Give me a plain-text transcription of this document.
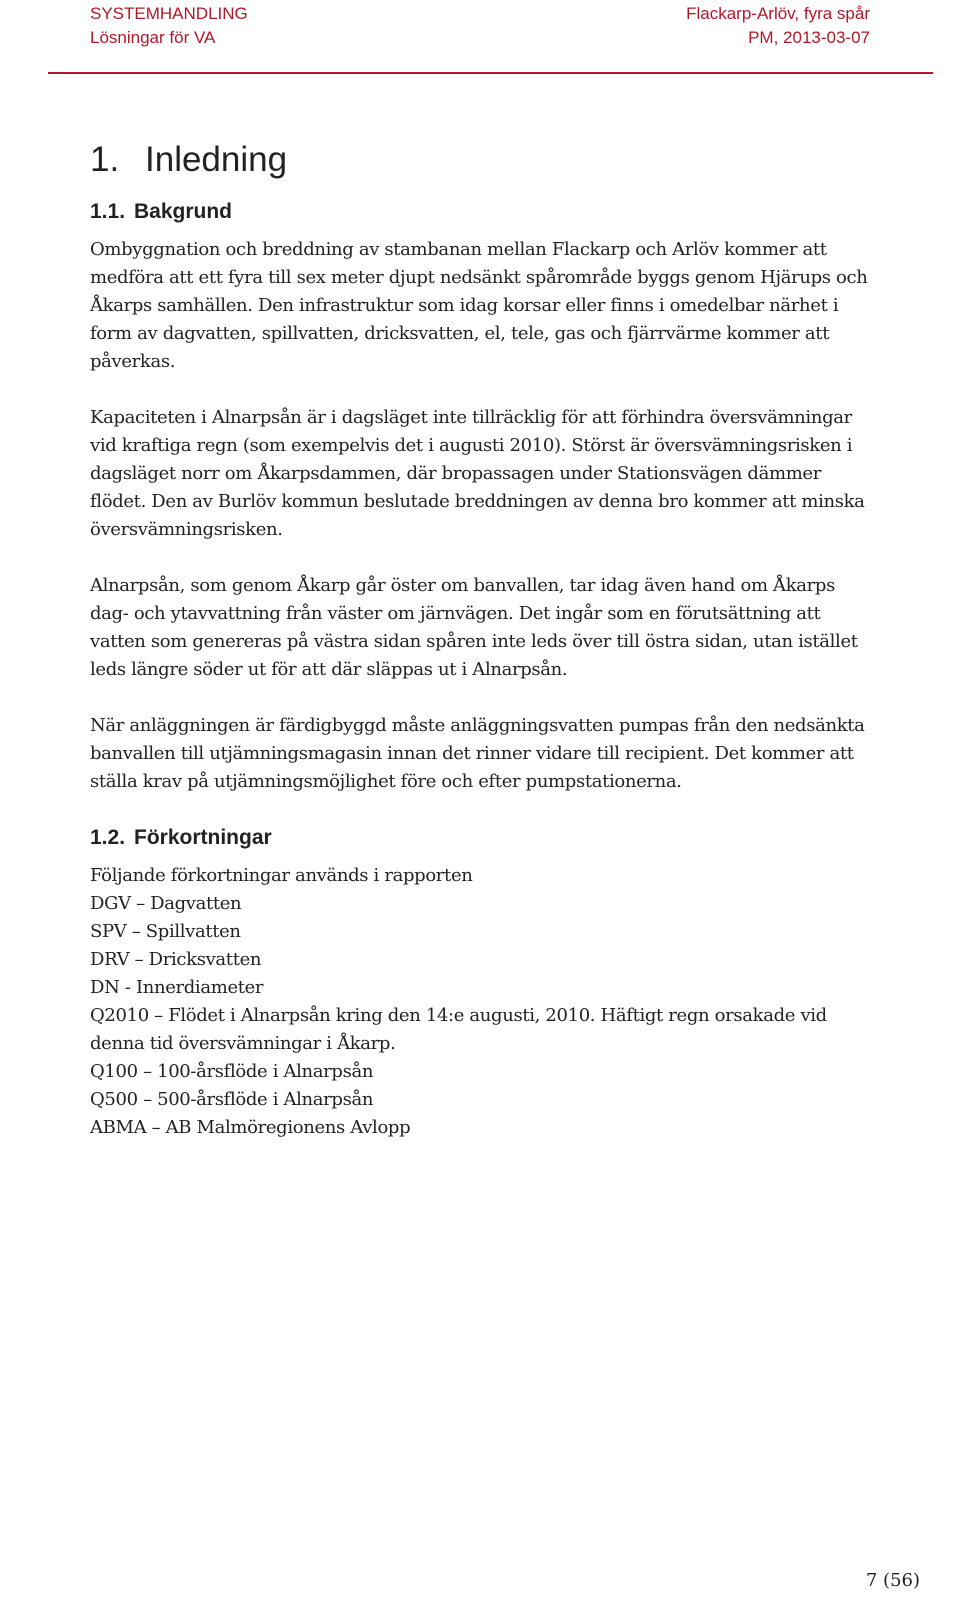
SYSTEMHANDLING	Flackarp-Arlöv, fyra spår
Lösningar för VA	PM, 2013-03-07
1. Inledning
1.1. Bakgrund

Ombyggnation och breddning av stambanan mellan Flackarp och Arlöv kommer att medföra att ett fyra till sex meter djupt nedsänkt spårområde byggs genom Hjärups och Åkarps samhällen. Den infrastruktur som idag korsar eller finns i omedelbar närhet i form av dagvatten, spillvatten, dricksvatten, el, tele, gas och fjärrvärme kommer att påverkas.

Kapaciteten i Alnarpsån är i dagsläget inte tillräcklig för att förhindra översvämningar vid kraftiga regn (som exempelvis det i augusti 2010). Störst är översvämningsrisken i dagsläget norr om Åkarpsdammen, där bropassagen under Stationsvägen dämmer flödet. Den av Burlöv kommun beslutade breddningen av denna bro kommer att minska översvämningsrisken.

Alnarpsån, som genom Åkarp går öster om banvallen, tar idag även hand om Åkarps dag- och ytavvattning från väster om järnvägen. Det ingår som en förutsättning att vatten som genereras på västra sidan spåren inte leds över till östra sidan, utan istället leds längre söder ut för att där släppas ut i Alnarpsån.

När anläggningen är färdigbyggd måste anläggningsvatten pumpas från den nedsänkta banvallen till utjämningsmagasin innan det rinner vidare till recipient. Det kommer att ställa krav på utjämningsmöjlighet före och efter pumpstationerna.

1.2. Förkortningar
Följande förkortningar används i rapporten
DGV – Dagvatten
SPV – Spillvatten
DRV – Dricksvatten
DN - Innerdiameter
Q2010 – Flödet i Alnarpsån kring den 14:e augusti, 2010. Häftigt regn orsakade vid denna tid översvämningar i Åkarp.
Q100 – 100-årsflöde i Alnarpsån
Q500 – 500-årsflöde i Alnarpsån
ABMA – AB Malmöregionens Avlopp
7 (56)
